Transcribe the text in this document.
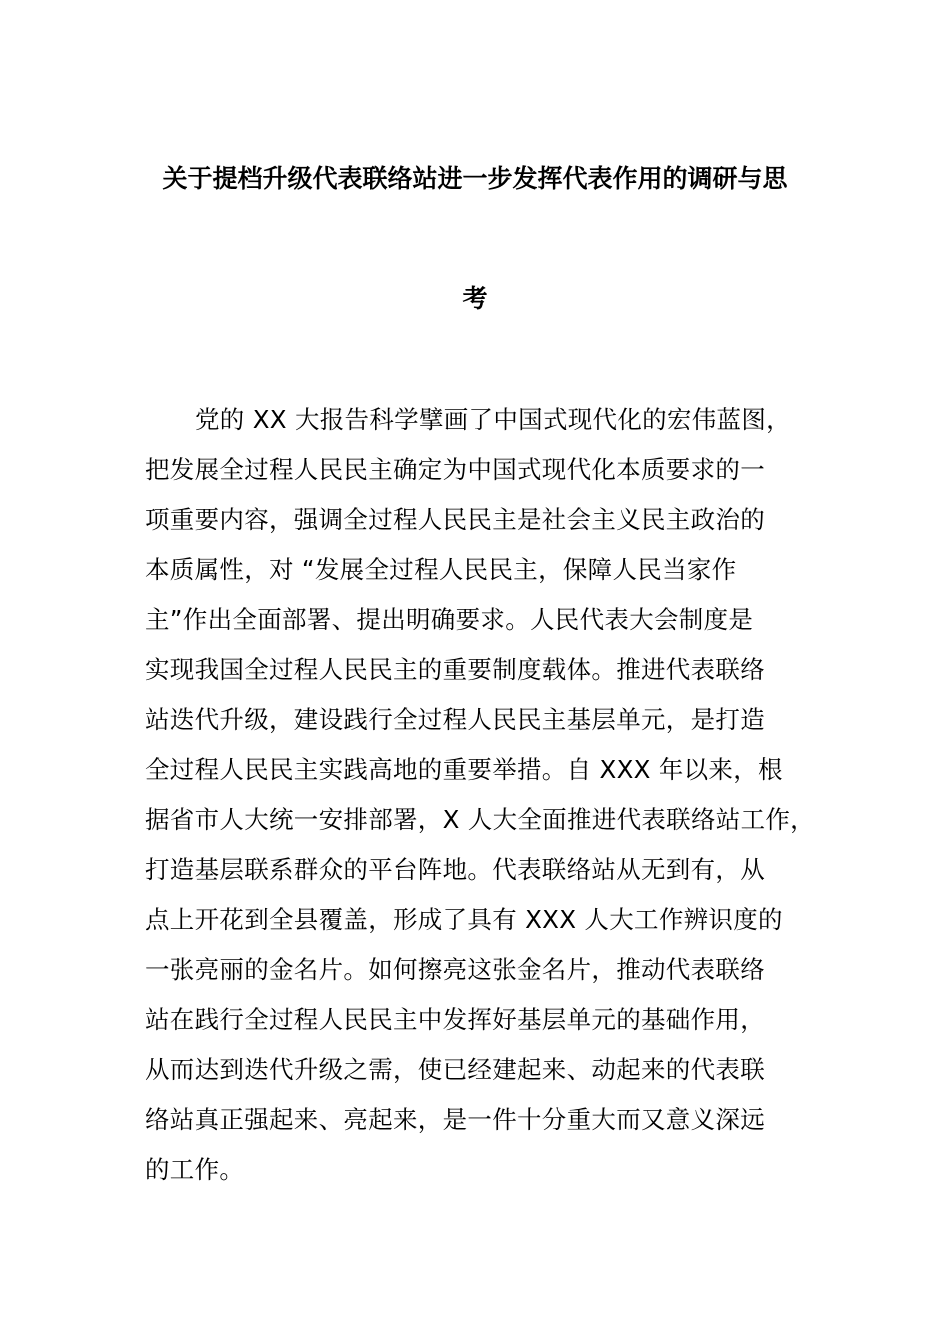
关于提档升级代表联络站进一步发挥代表作用的调研与思
考
党的 XX 大报告科学擘画了中国式现代化的宏伟蓝图，
把发展全过程人民民主确定为中国式现代化本质要求的一
项重要内容，强调全过程人民民主是社会主义民主政治的
本质属性，对 “发展全过程人民民主，保障人民当家作
主”作出全面部署、提出明确要求。人民代表大会制度是
实现我国全过程人民民主的重要制度载体。推进代表联络
站迭代升级，建设践行全过程人民民主基层单元，是打造
全过程人民民主实践高地的重要举措。自 XXX 年以来，根
据省市人大统一安排部署，X 人大全面推进代表联络站工作，
打造基层联系群众的平台阵地。代表联络站从无到有，从
点上开花到全县覆盖，形成了具有 XXX 人大工作辨识度的
一张亮丽的金名片。如何擦亮这张金名片，推动代表联络
站在践行全过程人民民主中发挥好基层单元的基础作用，
从而达到迭代升级之需，使已经建起来、动起来的代表联
络站真正强起来、亮起来，是一件十分重大而又意义深远
的工作。
